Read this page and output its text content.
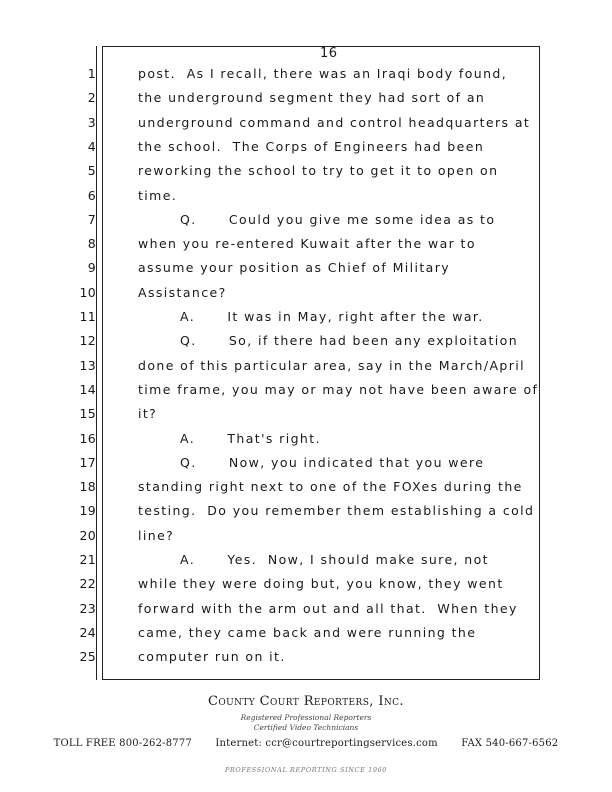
16
1	post.  As I recall, there was an Iraqi body found,
2	the underground segment they had sort of an
3	underground command and control headquarters at
4	the school.  The Corps of Engineers had been
5	reworking the school to try to get it to open on
6	time.
7	Q.      Could you give me some idea as to
8	when you re-entered Kuwait after the war to
9	assume your position as Chief of Military
10	Assistance?
11	A.      It was in May, right after the war.
12	Q.      So, if there had been any exploitation
13	done of this particular area, say in the March/April
14	time frame, you may or may not have been aware of
15	it?
16	A.      That's right.
17	Q.      Now, you indicated that you were
18	standing right next to one of the FOXes during the
19	testing.  Do you remember them establishing a cold
20	line?
21	A.      Yes.  Now, I should make sure, not
22	while they were doing but, you know, they went
23	forward with the arm out and all that.  When they
24	came, they came back and were running the
25	computer run on it.
County Court Reporters, Inc.
Registered Professional Reporters
Certified Video Technicians
TOLL FREE 800-262-8777 Internet: ccr@courtreportingservices.com FAX 540-667-6562
PROFESSIONAL REPORTING SINCE 1960
